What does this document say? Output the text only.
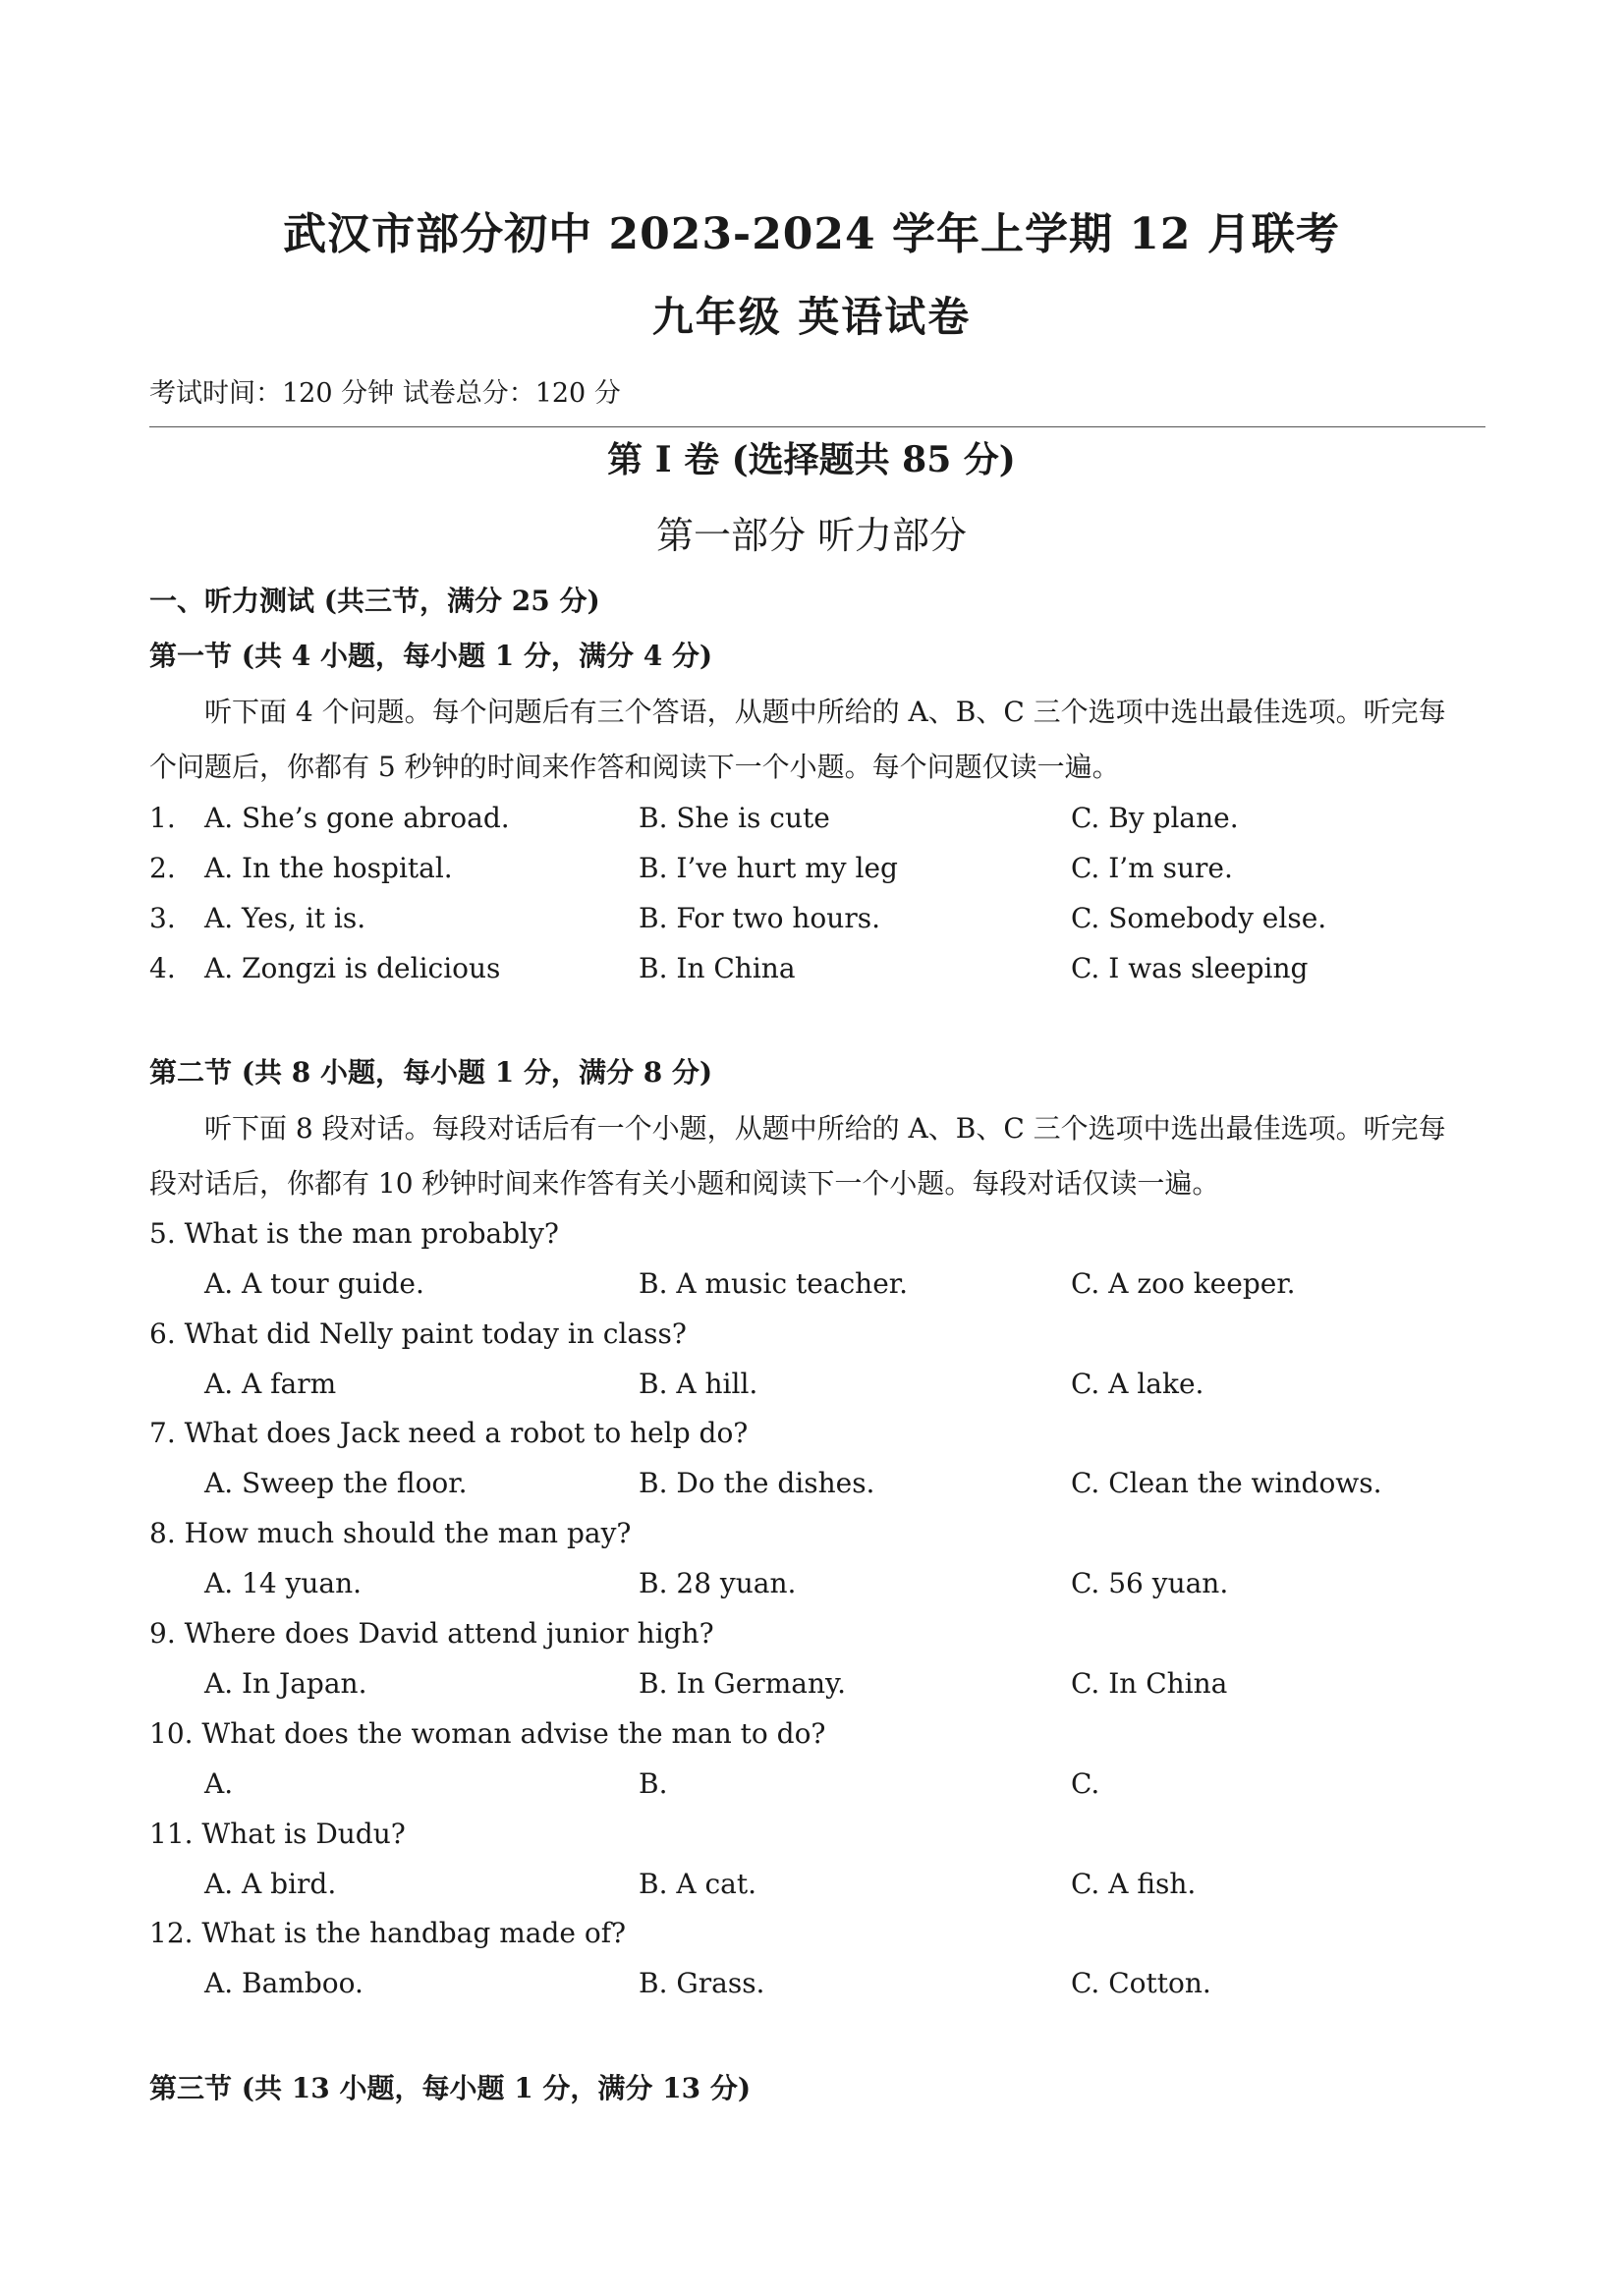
武汉市部分初中 2023-2024 学年上学期 12 月联考
九年级 英语试卷
考试时间：120 分钟 试卷总分：120 分
第 I 卷 (选择题共 85 分)
第一部分 听力部分
一、听力测试 (共三节，满分 25 分)
第一节 (共 4 小题，每小题 1 分，满分 4 分)
听下面 4 个问题。每个问题后有三个答语，从题中所给的 A、B、C 三个选项中选出最佳选项。听完每
个问题后，你都有 5 秒钟的时间来作答和阅读下一个小题。每个问题仅读一遍。
1. A. She’s gone abroad.	B. She is cute	C. By plane.
2. A. In the hospital.	B. I’ve hurt my leg	C. I’m sure.
3. A. Yes, it is.	B. For two hours.	C. Somebody else.
4. A. Zongzi is delicious	B. In China	C. I was sleeping
第二节 (共 8 小题，每小题 1 分，满分 8 分)
听下面 8 段对话。每段对话后有一个小题，从题中所给的 A、B、C 三个选项中选出最佳选项。听完每
段对话后，你都有 10 秒钟时间来作答有关小题和阅读下一个小题。每段对话仅读一遍。
5. What is the man probably?
A. A tour guide.	B. A music teacher.	C. A zoo keeper.
6. What did Nelly paint today in class?
A. A farm	B. A hill.	C. A lake.
7. What does Jack need a robot to help do?
A. Sweep the floor.	B. Do the dishes.	C. Clean the windows.
8. How much should the man pay?
A. 14 yuan.	B. 28 yuan.	C. 56 yuan.
9. Where does David attend junior high?
A. In Japan.	B. In Germany.	C. In China
10. What does the woman advise the man to do?
A.	B.	C.
11. What is Dudu?
A. A bird.	B. A cat.	C. A fish.
12. What is the handbag made of?
A. Bamboo.	B. Grass.	C. Cotton.
第三节 (共 13 小题，每小题 1 分，满分 13 分)
